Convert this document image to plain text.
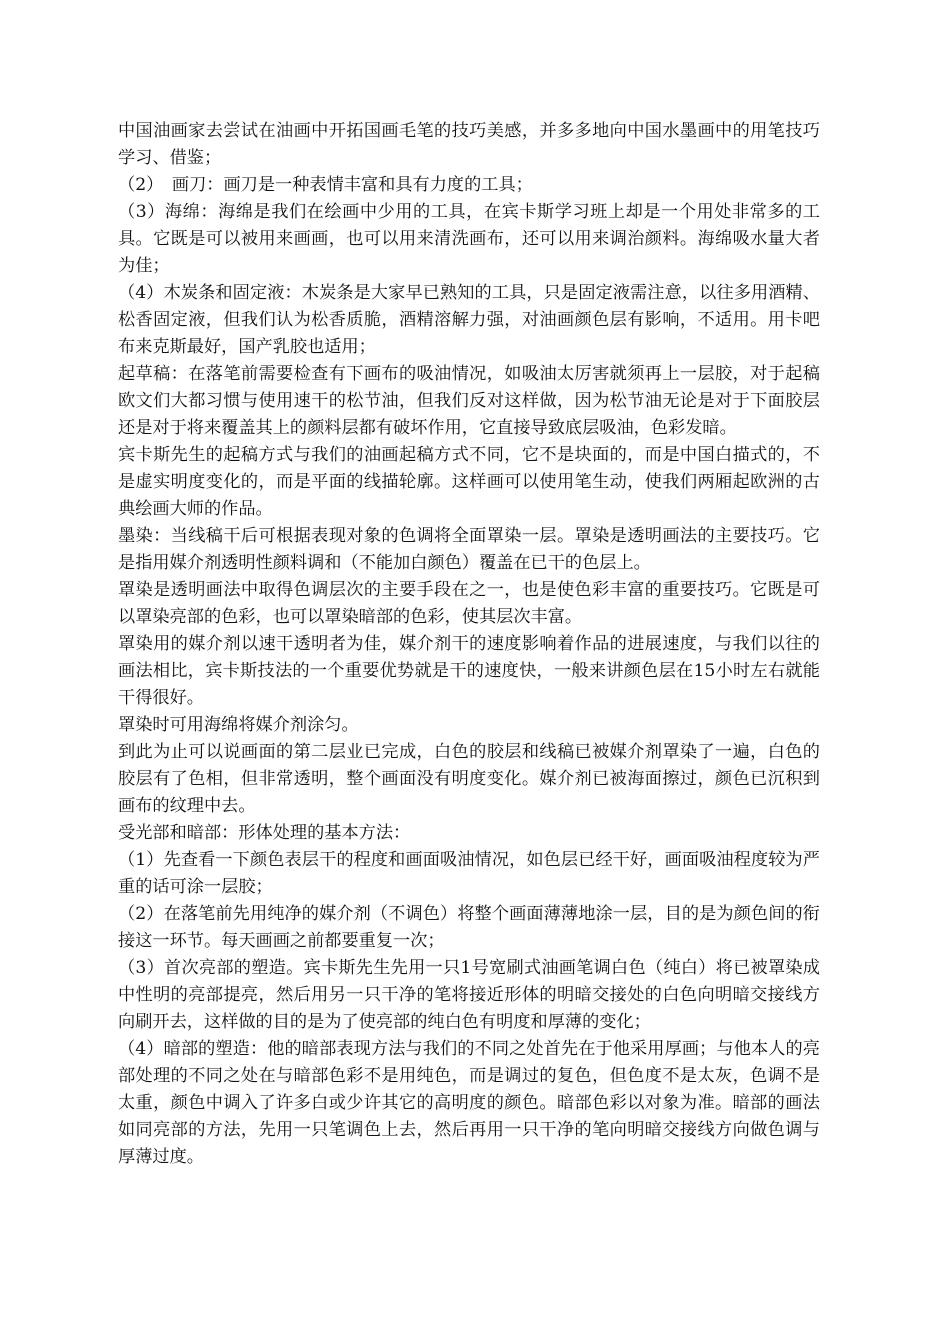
中国油画家去尝试在油画中开拓国画毛笔的技巧美感，并多多地向中国水墨画中的用笔技巧学习、借鉴；

（2）　画刀：画刀是一种表情丰富和具有力度的工具；

（3）海绵：海绵是我们在绘画中少用的工具，在宾卡斯学习班上却是一个用处非常多的工具。它既是可以被用来画画，也可以用来清洗画布，还可以用来调治颜料。海绵吸水量大者为佳；

（4）木炭条和固定液：木炭条是大家早已熟知的工具，只是固定液需注意，以往多用酒精、松香固定液，但我们认为松香质脆，酒精溶解力强，对油画颜色层有影响，不适用。用卡吧布来克斯最好，国产乳胶也适用；

起草稿：在落笔前需要检查有下画布的吸油情况，如吸油太厉害就须再上一层胶，对于起稿欧文们大都习惯与使用速干的松节油，但我们反对这样做，因为松节油无论是对于下面胶层还是对于将来覆盖其上的颜料层都有破坏作用，它直接导致底层吸油，色彩发暗。

宾卡斯先生的起稿方式与我们的油画起稿方式不同，它不是块面的，而是中国白描式的，不是虚实明度变化的，而是平面的线描轮廓。这样画可以使用笔生动，使我们两厢起欧洲的古典绘画大师的作品。

墨染：当线稿干后可根据表现对象的色调将全面罩染一层。罩染是透明画法的主要技巧。它是指用媒介剂透明性颜料调和（不能加白颜色）覆盖在已干的色层上。

罩染是透明画法中取得色调层次的主要手段在之一，也是使色彩丰富的重要技巧。它既是可以罩染亮部的色彩，也可以罩染暗部的色彩，使其层次丰富。

罩染用的媒介剂以速干透明者为佳，媒介剂干的速度影响着作品的进展速度，与我们以往的画法相比，宾卡斯技法的一个重要优势就是干的速度快，一般来讲颜色层在15小时左右就能干得很好。

罩染时可用海绵将媒介剂涂匀。

到此为止可以说画面的第二层业已完成，白色的胶层和线稿已被媒介剂罩染了一遍，白色的胶层有了色相，但非常透明，整个画面没有明度变化。媒介剂已被海面擦过，颜色已沉积到画布的纹理中去。

受光部和暗部：形体处理的基本方法：

（1）先查看一下颜色表层干的程度和画面吸油情况，如色层已经干好，画面吸油程度较为严重的话可涂一层胶；

（2）在落笔前先用纯净的媒介剂（不调色）将整个画面薄薄地涂一层，目的是为颜色间的衔接这一环节。每天画画之前都要重复一次；

（3）首次亮部的塑造。宾卡斯先生先用一只1号宽刷式油画笔调白色（纯白）将已被罩染成中性明的亮部提亮，然后用另一只干净的笔将接近形体的明暗交接处的白色向明暗交接线方向刷开去，这样做的目的是为了使亮部的纯白色有明度和厚薄的变化；

（4）暗部的塑造：他的暗部表现方法与我们的不同之处首先在于他采用厚画；与他本人的亮部处理的不同之处在与暗部色彩不是用纯色，而是调过的复色，但色度不是太灰，色调不是太重，颜色中调入了许多白或少许其它的高明度的颜色。暗部色彩以对象为准。暗部的画法如同亮部的方法，先用一只笔调色上去，然后再用一只干净的笔向明暗交接线方向做色调与厚薄过度。
